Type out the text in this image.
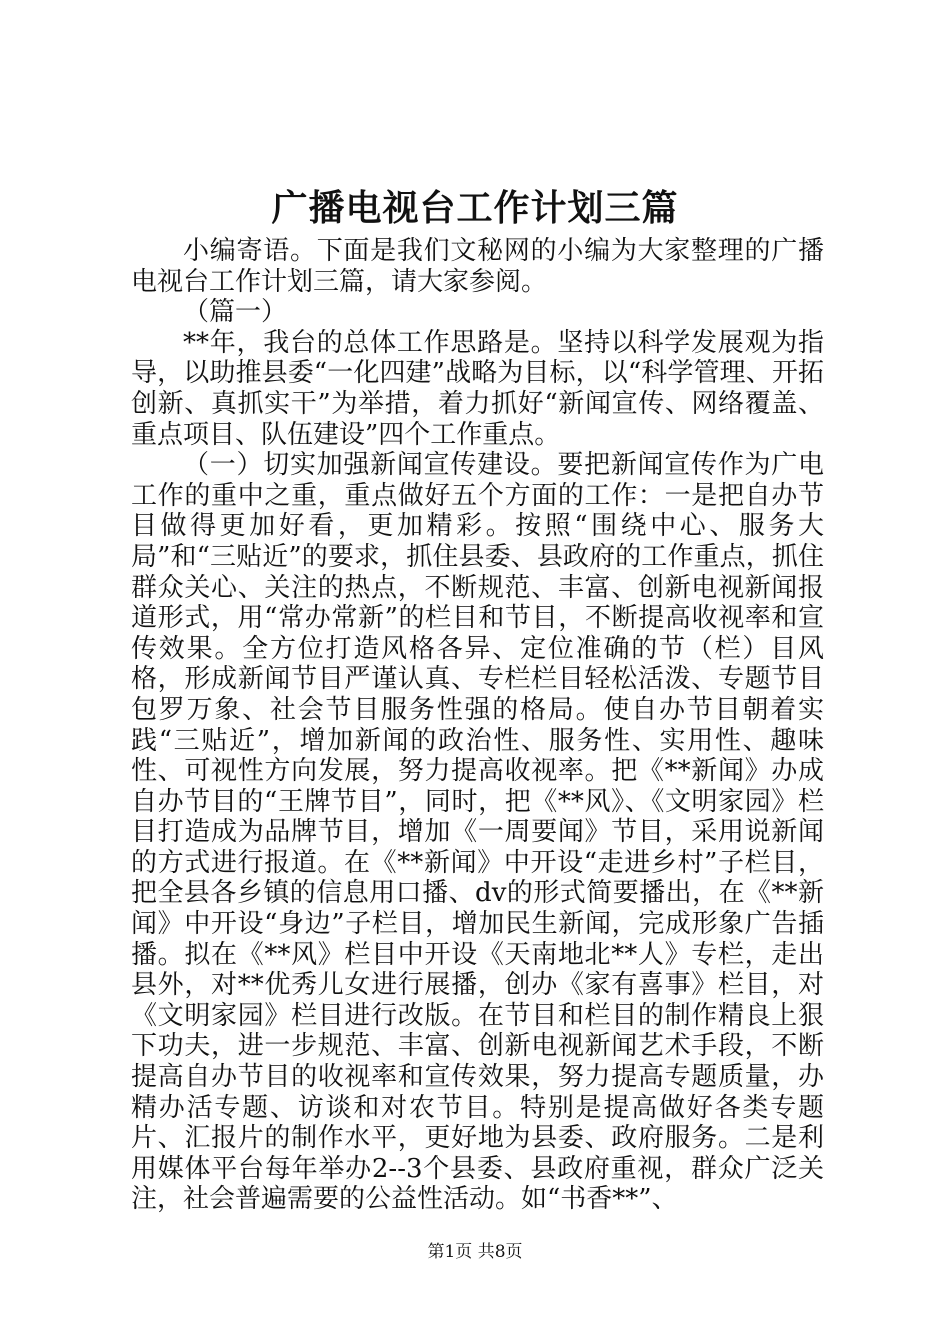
广播电视台工作计划三篇

小编寄语。下面是我们文秘网的小编为大家整理的广播电视台工作计划三篇，请大家参阅。

（篇一）

**年，我台的总体工作思路是。坚持以科学发展观为指导，以助推县委“一化四建”战略为目标，以“科学管理、开拓创新、真抓实干”为举措，着力抓好“新闻宣传、网络覆盖、重点项目、队伍建设”四个工作重点。

（一）切实加强新闻宣传建设。要把新闻宣传作为广电工作的重中之重，重点做好五个方面的工作：一是把自办节目做得更加好看，更加精彩。按照“围绕中心、服务大局”和“三贴近”的要求，抓住县委、县政府的工作重点，抓住群众关心、关注的热点，不断规范、丰富、创新电视新闻报道形式，用“常办常新”的栏目和节目，不断提高收视率和宣传效果。全方位打造风格各异、定位准确的节（栏）目风格，形成新闻节目严谨认真、专栏栏目轻松活泼、专题节目包罗万象、社会节目服务性强的格局。使自办节目朝着实践“三贴近”，增加新闻的政治性、服务性、实用性、趣味性、可视性方向发展，努力提高收视率。把《**新闻》办成自办节目的“王牌节目”，同时，把《**风》、《文明家园》栏目打造成为品牌节目，增加《一周要闻》节目，采用说新闻的方式进行报道。在《**新闻》中开设“走进乡村”子栏目，把全县各乡镇的信息用口播、dv的形式简要播出，在《**新闻》中开设“身边”子栏目，增加民生新闻，完成形象广告插播。拟在《**风》栏目中开设《天南地北**人》专栏，走出县外，对**优秀儿女进行展播，创办《家有喜事》栏目，对《文明家园》栏目进行改版。在节目和栏目的制作精良上狠下功夫，进一步规范、丰富、创新电视新闻艺术手段，不断提高自办节目的收视率和宣传效果，努力提高专题质量，办精办活专题、访谈和对农节目。特别是提高做好各类专题片、汇报片的制作水平，更好地为县委、政府服务。二是利用媒体平台每年举办2--3个县委、县政府重视，群众广泛关注，社会普遍需要的公益性活动。如“书香**”、

第1页 共8页
